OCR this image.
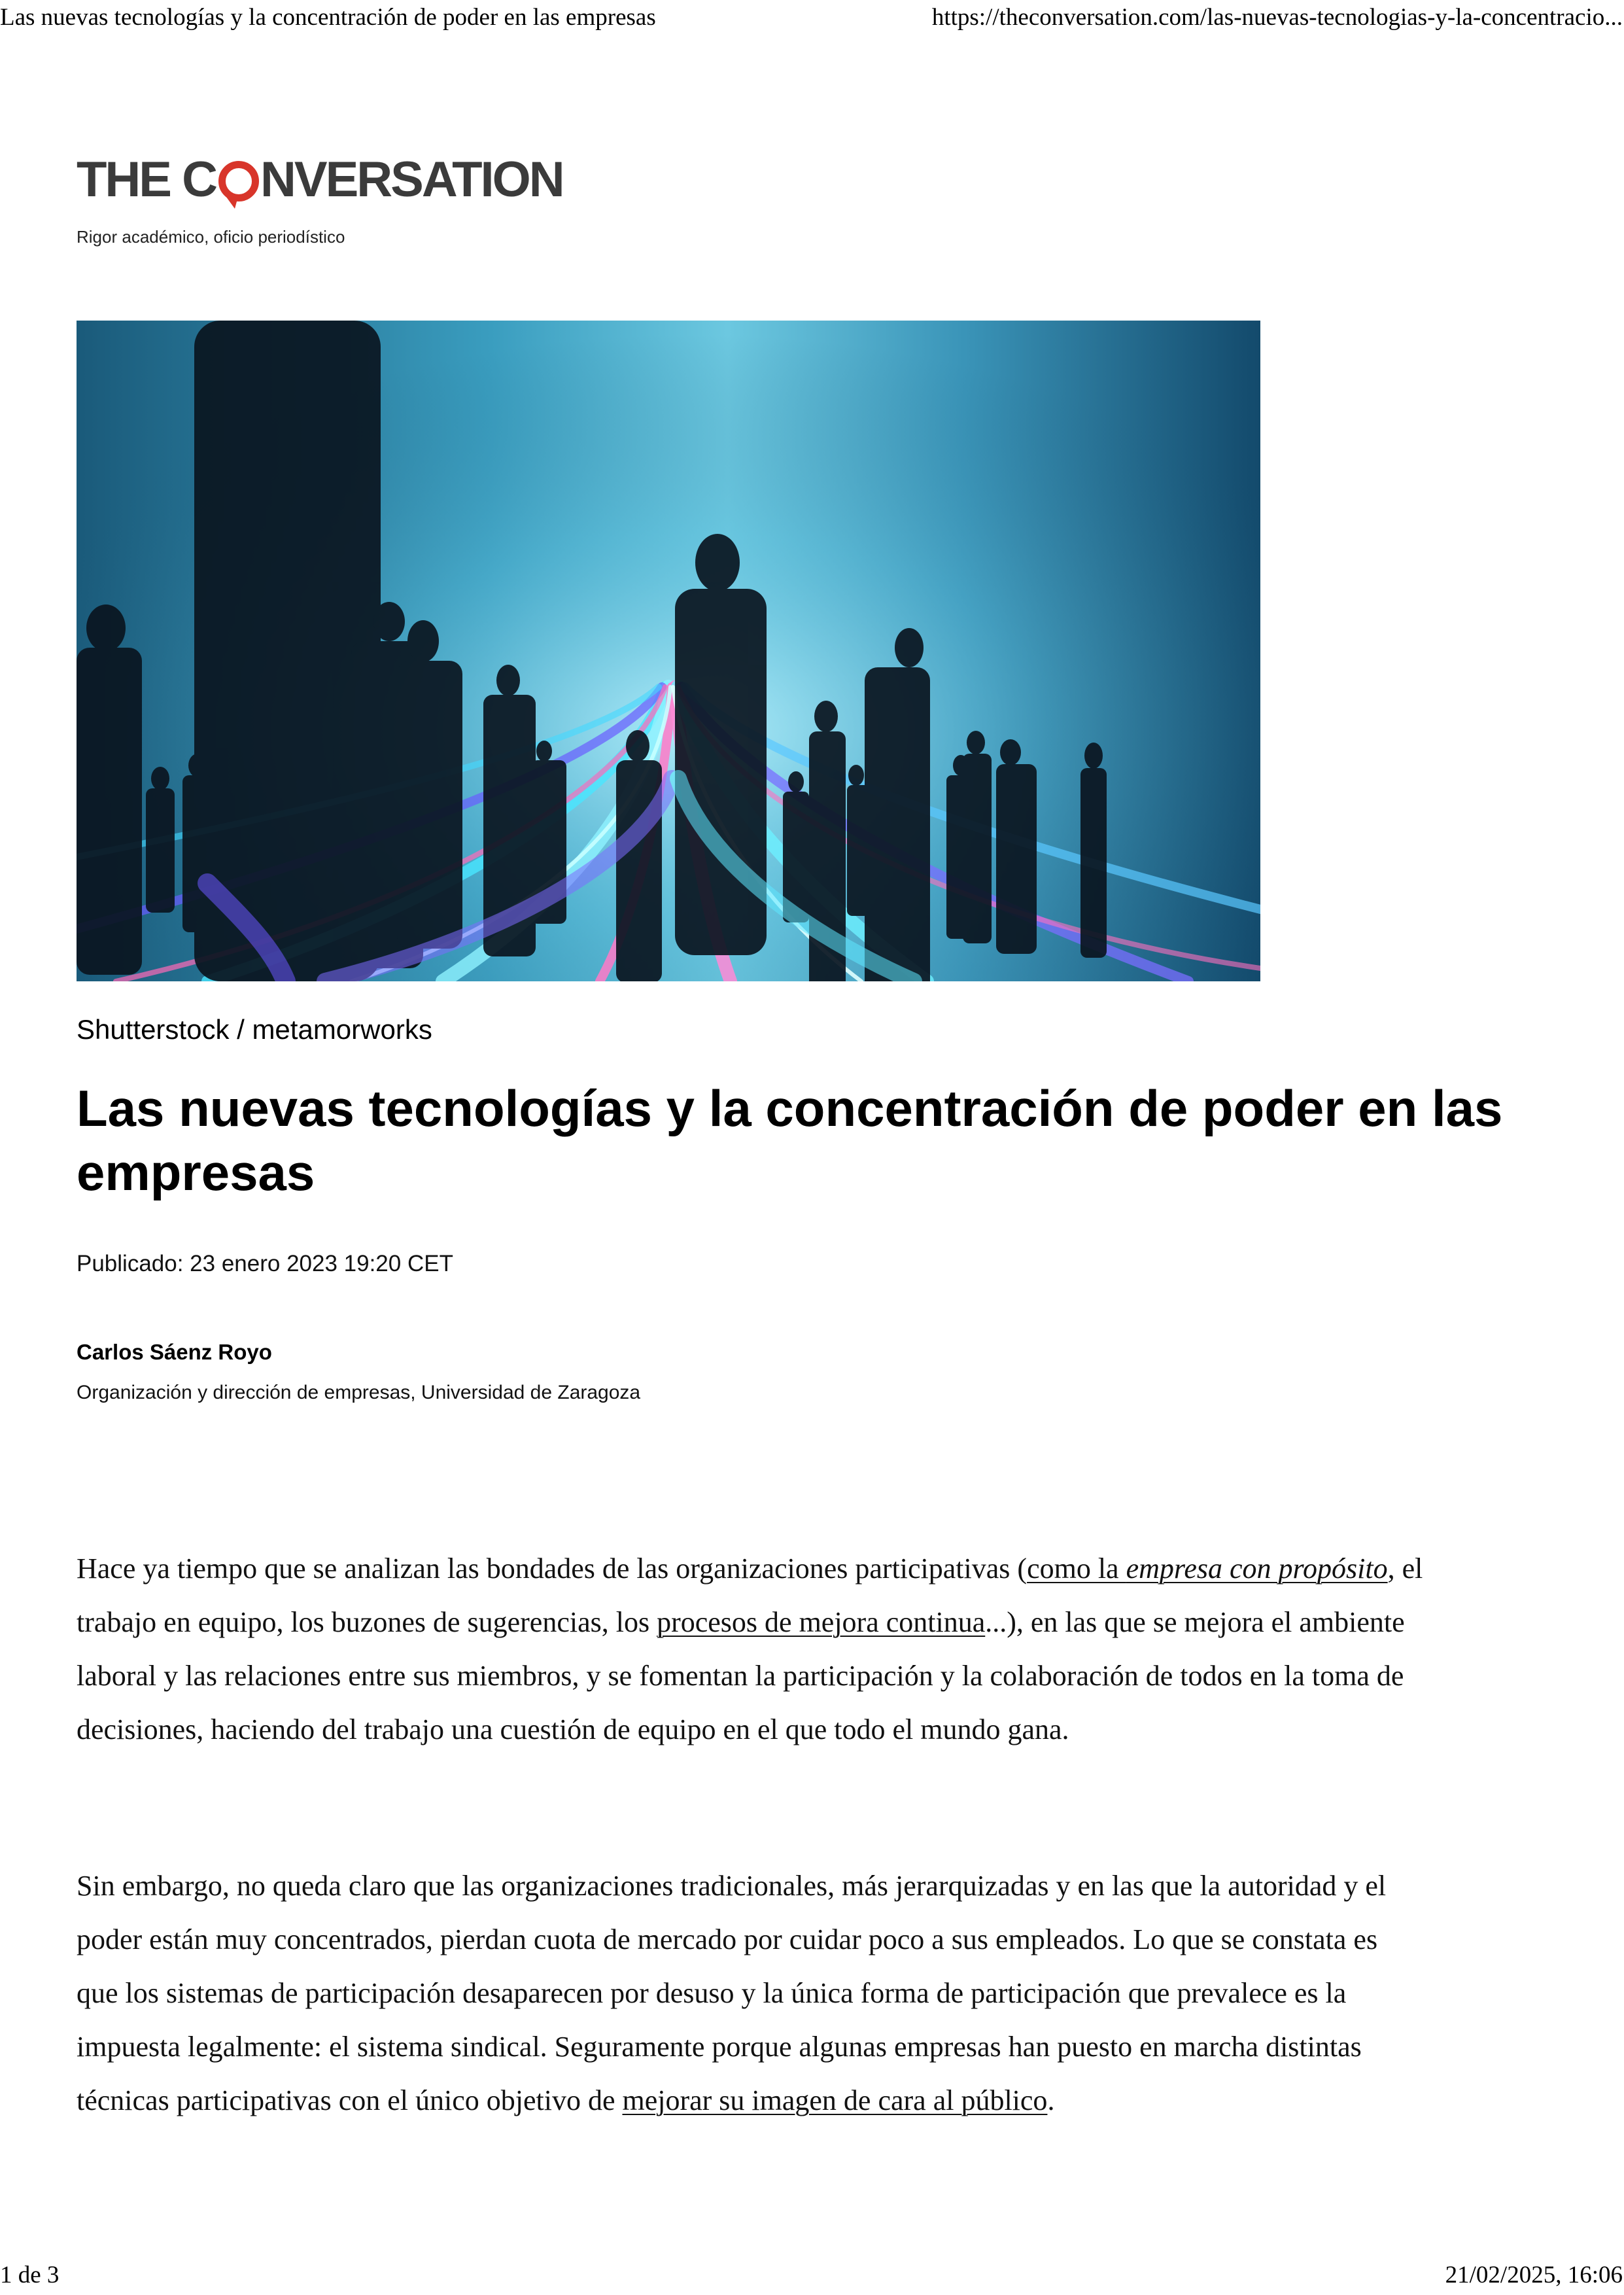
Las nuevas tecnologías y la concentración de poder en las empresas	https://theconversation.com/las-nuevas-tecnologias-y-la-concentracio...
THE C NVERSATION
Rigor académico, oficio periodístico
Shutterstock / metamorworks
Las nuevas tecnologías y la concentración de poder en las empresas
Publicado: 23 enero 2023 19:20 CET
Carlos Sáenz Royo
Organización y dirección de empresas, Universidad de Zaragoza

Hace ya tiempo que se analizan las bondades de las organizaciones participativas (como la empresa con propósito, el trabajo en equipo, los buzones de sugerencias, los procesos de mejora continua...), en las que se mejora el ambiente laboral y las relaciones entre sus miembros, y se fomentan la participación y la colaboración de todos en la toma de decisiones, haciendo del trabajo una cuestión de equipo en el que todo el mundo gana.

Sin embargo, no queda claro que las organizaciones tradicionales, más jerarquizadas y en las que la autoridad y el poder están muy concentrados, pierdan cuota de mercado por cuidar poco a sus empleados. Lo que se constata es que los sistemas de participación desaparecen por desuso y la única forma de participación que prevalece es la impuesta legalmente: el sistema sindical. Seguramente porque algunas empresas han puesto en marcha distintas técnicas participativas con el único objetivo de mejorar su imagen de cara al público.

1 de 3	21/02/2025, 16:06
